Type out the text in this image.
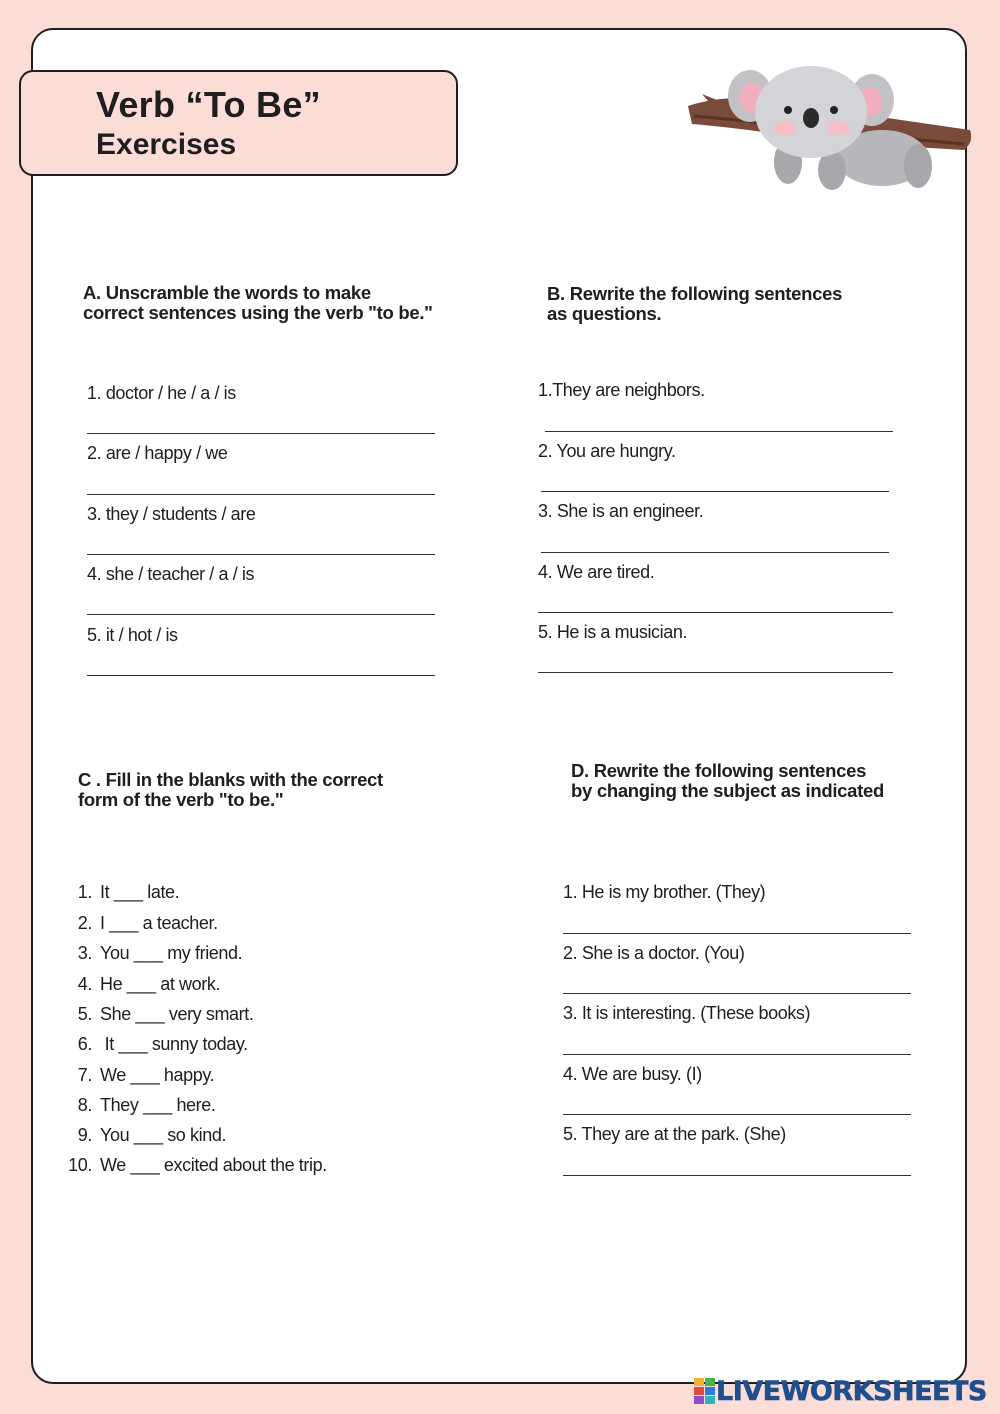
Verb “To Be”
Exercises
A. Unscramble the words to make
correct sentences using the verb "to be."
1. doctor / he / a / is
2. are / happy / we
3. they / students / are
4. she / teacher / a / is
5. it / hot / is
B. Rewrite the following sentences
as questions.
1.They are neighbors.
2. You are hungry.
3. She is an engineer.
4. We are tired.
5. He is a musician.
C . Fill in the blanks with the correct
form of the verb "to be."
1. It ___ late.
2. I ___ a teacher.
3. You ___ my friend.
4. He ___ at work.
5. She ___ very smart.
6. It ___ sunny today.
7. We ___ happy.
8. They ___ here.
9. You ___ so kind.
10. We ___ excited about the trip.
D. Rewrite the following sentences
by changing the subject as indicated
1. He is my brother. (They)
2. She is a doctor. (You)
3. It is interesting. (These books)
4. We are busy. (I)
5. They are at the park. (She)
LIVEWORKSHEETS
